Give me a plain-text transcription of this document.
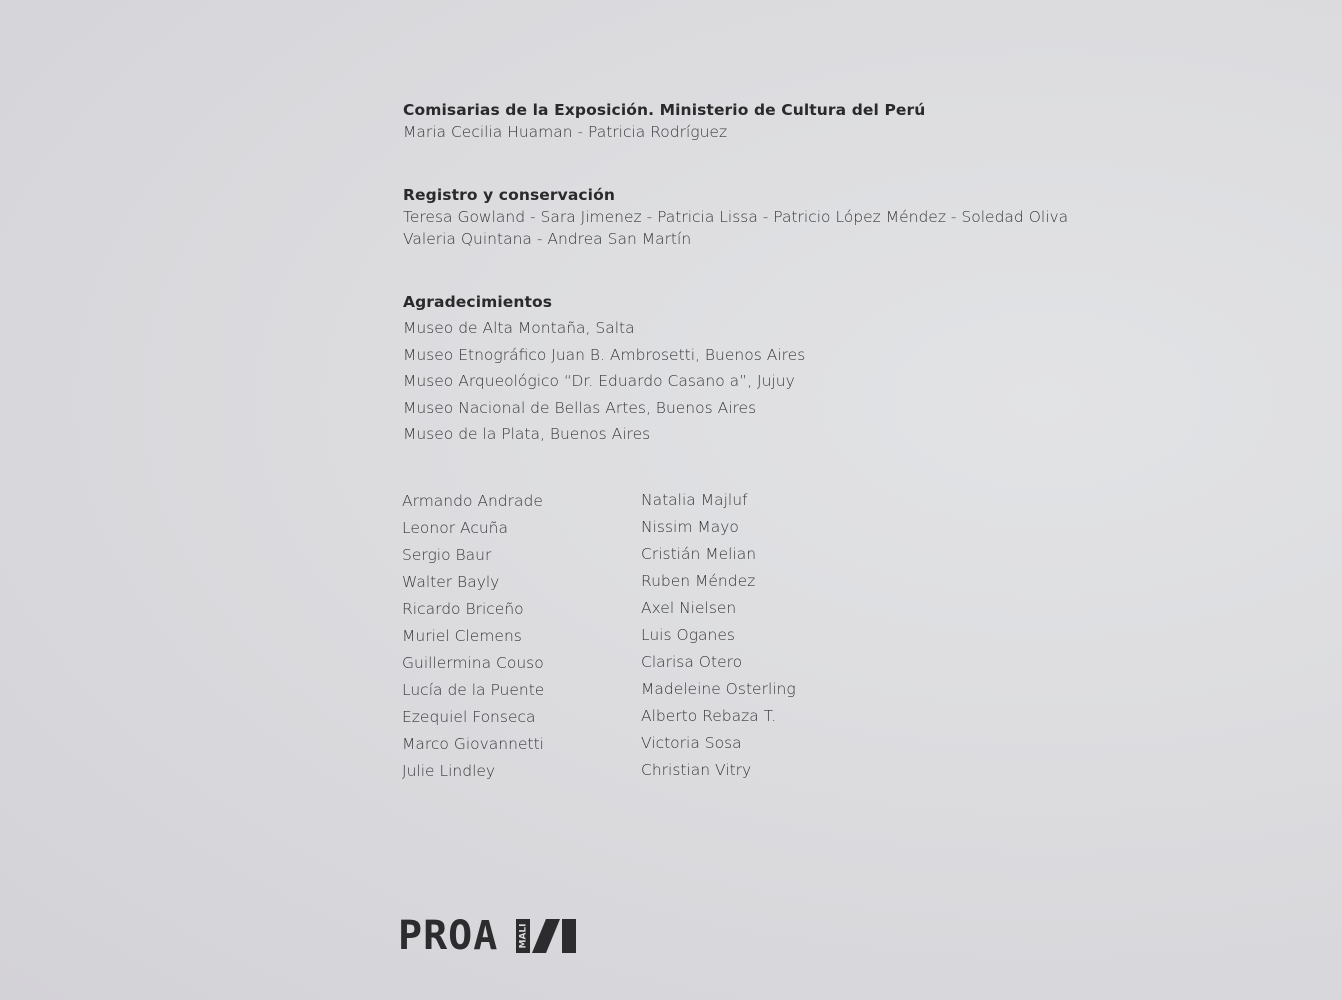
Comisarias de la Exposición. Ministerio de Cultura del Perú
Maria Cecilia Huaman - Patricia Rodríguez
Registro y conservación
Teresa Gowland - Sara Jimenez - Patricia Lissa - Patricio López Méndez - Soledad Oliva
Valeria Quintana - Andrea San Martín
Agradecimientos
Museo de Alta Montaña, Salta
Museo Etnográfico Juan B. Ambrosetti, Buenos Aires
Museo Arqueológico “Dr. Eduardo Casano a”, Jujuy
Museo Nacional de Bellas Artes, Buenos Aires
Museo de la Plata, Buenos Aires
Armando Andrade
Leonor Acuña
Sergio Baur
Walter Bayly
Ricardo Briceño
Muriel Clemens
Guillermina Couso
Lucía de la Puente
Ezequiel Fonseca
Marco Giovannetti
Julie Lindley
Natalia Majluf
Nissim Mayo
Cristián Melian
Ruben Méndez
Axel Nielsen
Luis Oganes
Clarisa Otero
Madeleine Osterling
Alberto Rebaza T.
Victoria Sosa
Christian Vitry
PROA MALI
